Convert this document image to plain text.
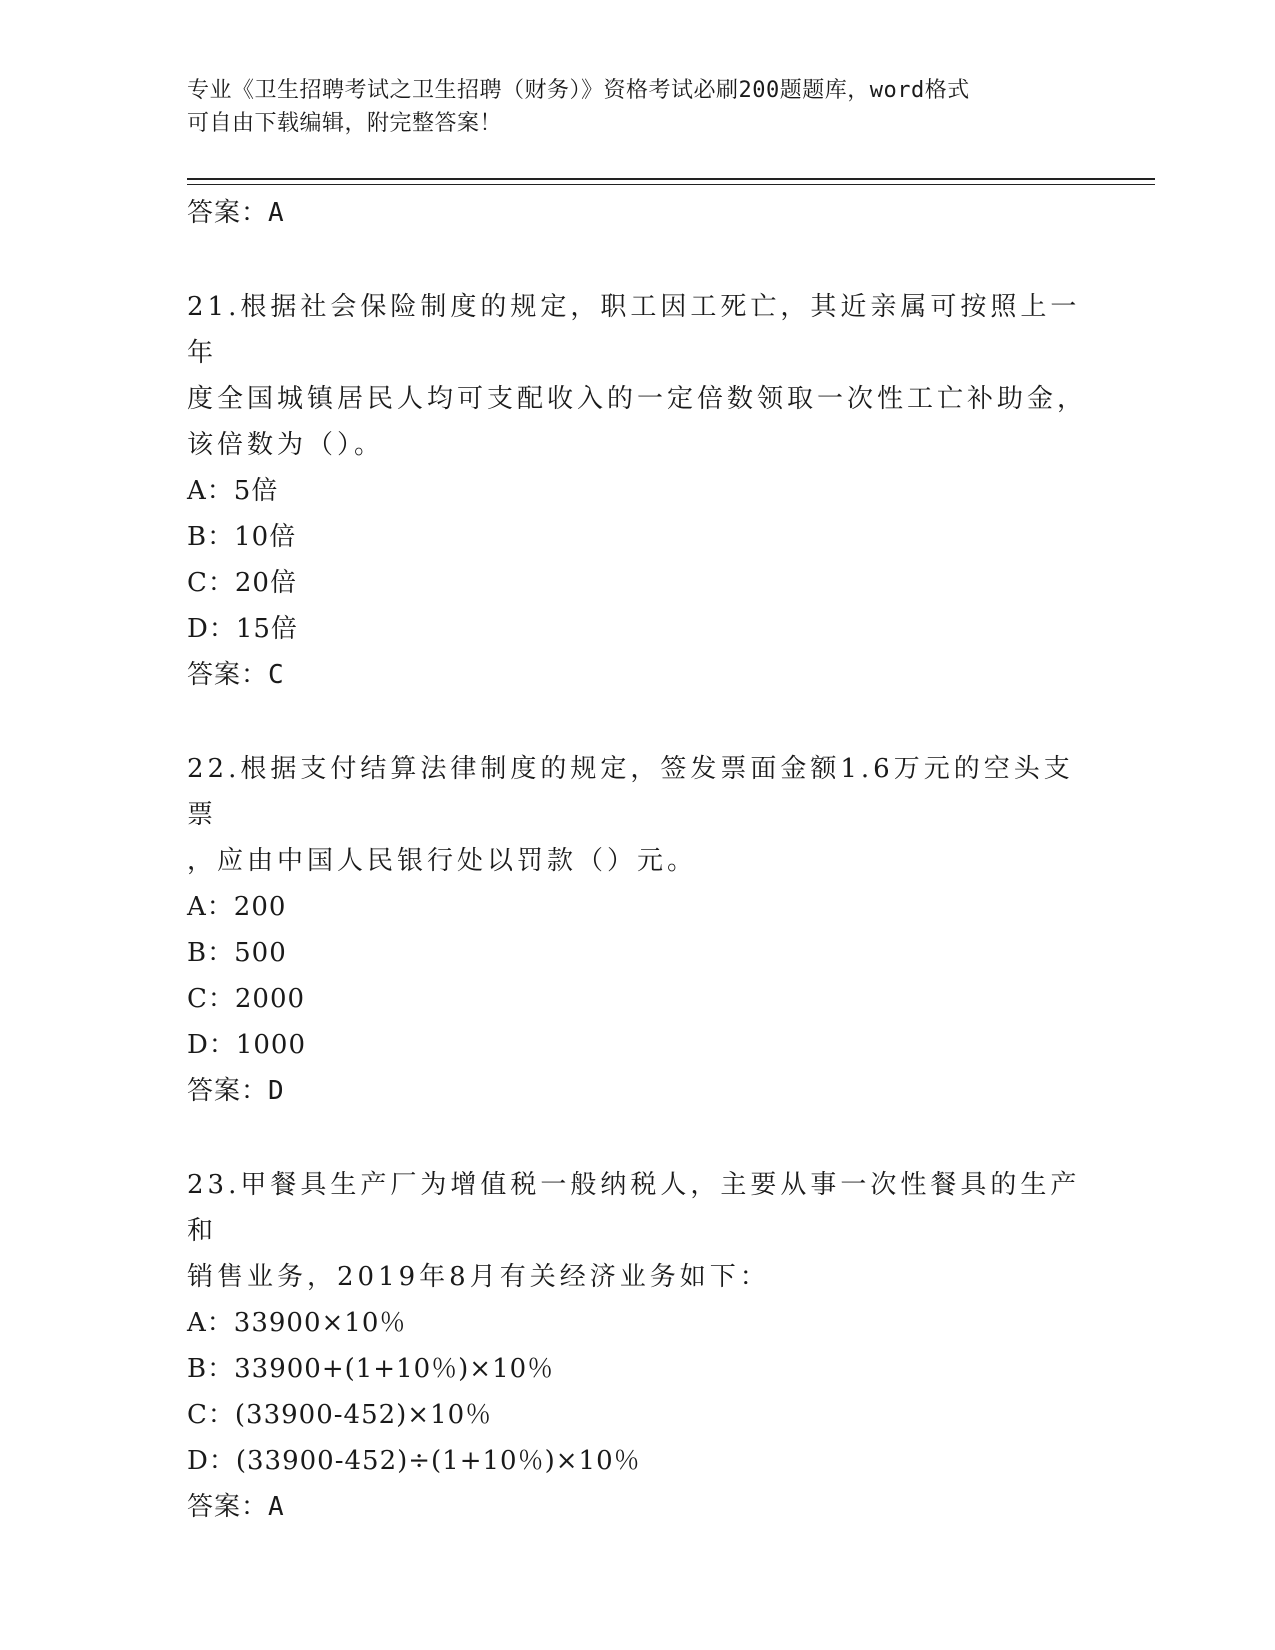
专业《卫生招聘考试之卫生招聘（财务）》资格考试必刷200题题库，word格式
可自由下载编辑，附完整答案！
答案：A
21.根据社会保险制度的规定，职工因工死亡，其近亲属可按照上一年
度全国城镇居民人均可支配收入的一定倍数领取一次性工亡补助金，
该倍数为（）。
A：5倍
B：10倍
C：20倍
D：15倍
答案：C
22.根据支付结算法律制度的规定，签发票面金额1.6万元的空头支票
，应由中国人民银行处以罚款（）元。
A：200
B：500
C：2000
D：1000
答案：D
23.甲餐具生产厂为增值税一般纳税人，主要从事一次性餐具的生产和
销售业务，2019年8月有关经济业务如下：
A：33900×10％
B：33900+(1+10％)×10％
C：(33900-452)×10％
D：(33900-452)÷(1+10％)×10％
答案：A
